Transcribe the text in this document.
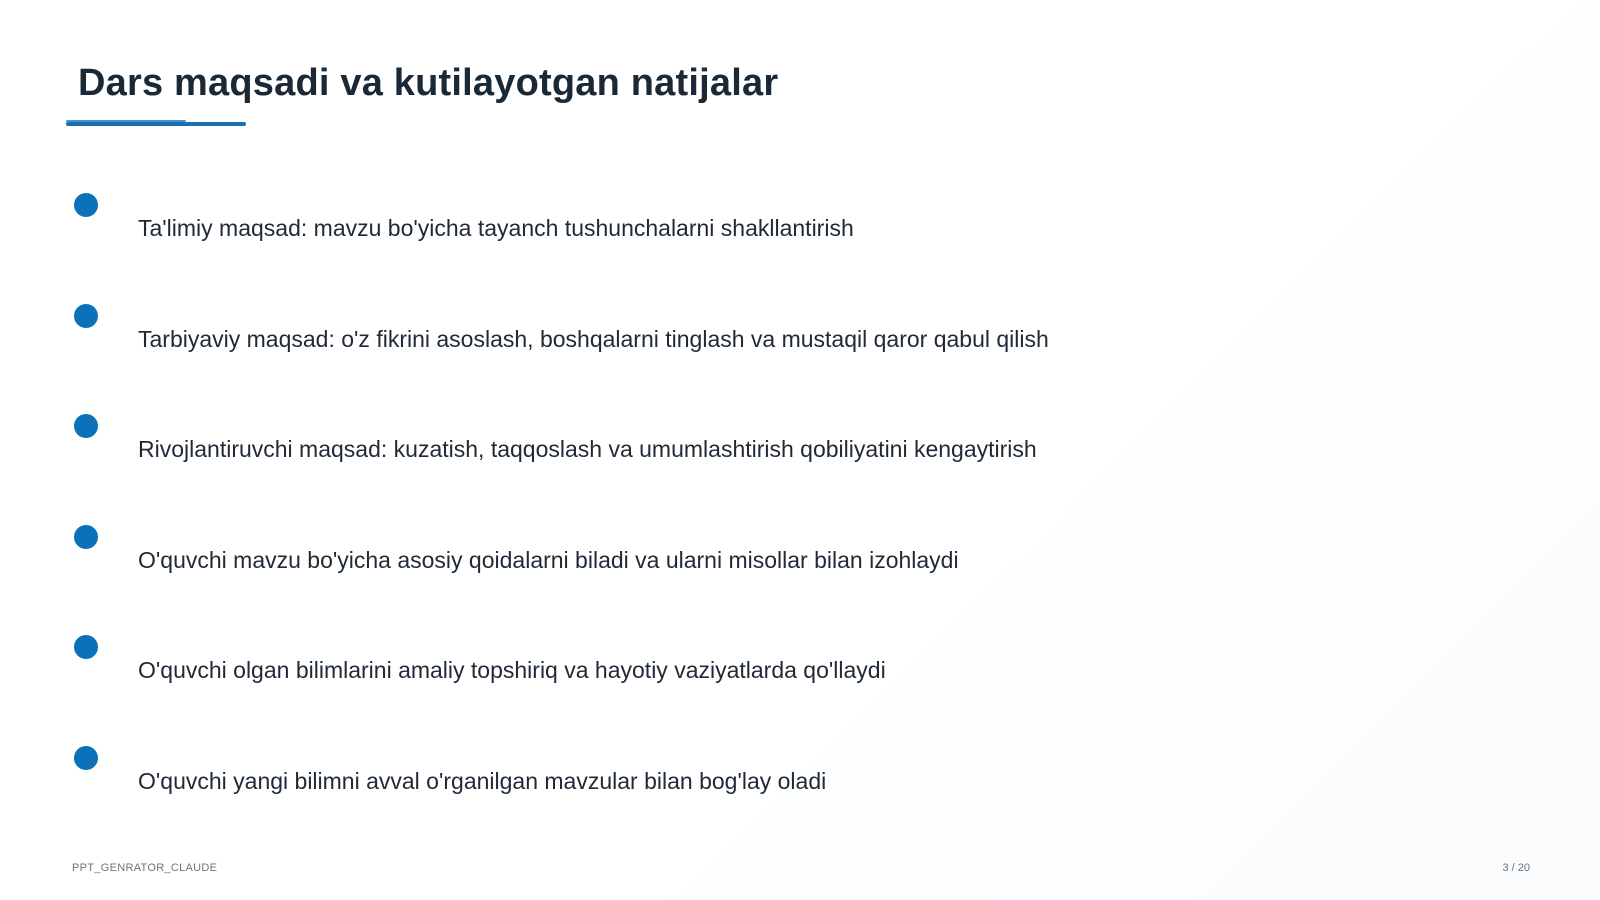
Dars maqsadi va kutilayotgan natijalar
Ta'limiy maqsad: mavzu bo'yicha tayanch tushunchalarni shakllantirish
Tarbiyaviy maqsad: o'z fikrini asoslash, boshqalarni tinglash va mustaqil qaror qabul qilish
Rivojlantiruvchi maqsad: kuzatish, taqqoslash va umumlashtirish qobiliyatini kengaytirish
O'quvchi mavzu bo'yicha asosiy qoidalarni biladi va ularni misollar bilan izohlaydi
O'quvchi olgan bilimlarini amaliy topshiriq va hayotiy vaziyatlarda qo'llaydi
O'quvchi yangi bilimni avval o'rganilgan mavzular bilan bog'lay oladi
PPT_GENRATOR_CLAUDE	3 / 20
